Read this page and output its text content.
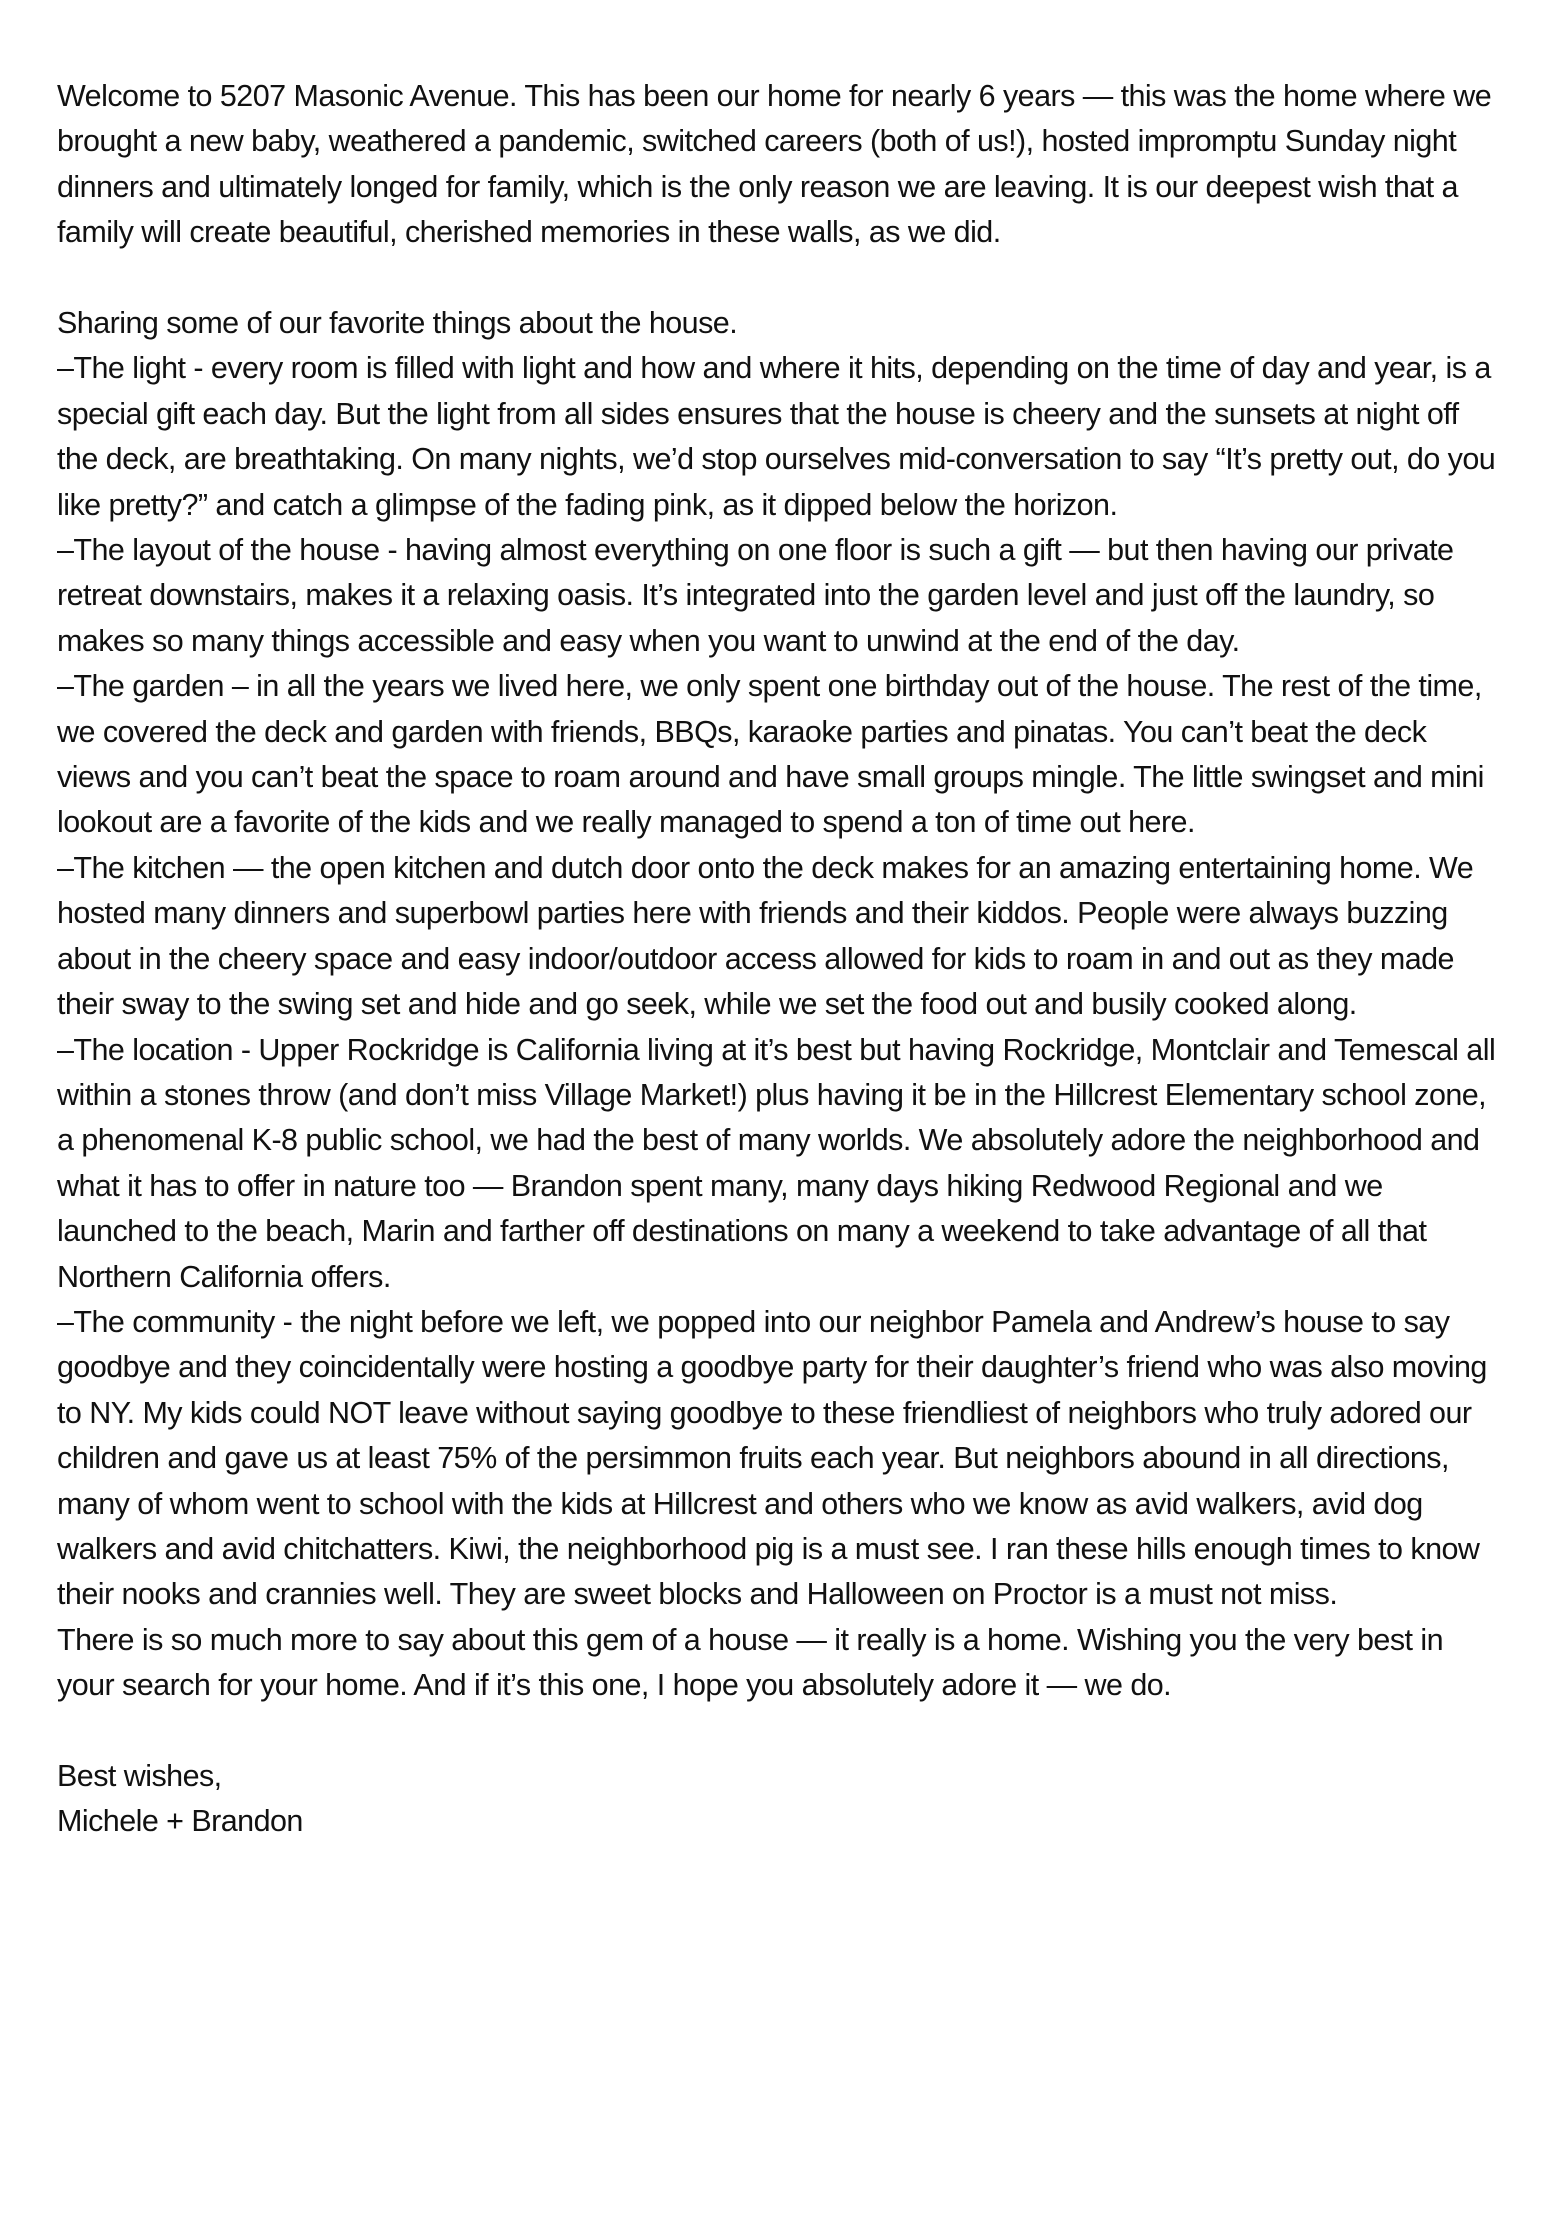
Welcome to 5207 Masonic Avenue. This has been our home for nearly 6 years — this was the home where we brought a new baby, weathered a pandemic, switched careers (both of us!), hosted impromptu Sunday night dinners and ultimately longed for family, which is the only reason we are leaving. It is our deepest wish that a family will create beautiful, cherished memories in these walls, as we did.

Sharing some of our favorite things about the house.

–The light - every room is filled with light and how and where it hits, depending on the time of day and year, is a special gift each day. But the light from all sides ensures that the house is cheery and the sunsets at night off the deck, are breathtaking. On many nights, we’d stop ourselves mid-conversation to say “It’s pretty out, do you like pretty?” and catch a glimpse of the fading pink, as it dipped below the horizon.

–The layout of the house - having almost everything on one floor is such a gift — but then having our private retreat downstairs, makes it a relaxing oasis. It’s integrated into the garden level and just off the laundry, so makes so many things accessible and easy when you want to unwind at the end of the day.

–The garden – in all the years we lived here, we only spent one birthday out of the house. The rest of the time, we covered the deck and garden with friends, BBQs, karaoke parties and pinatas. You can’t beat the deck views and you can’t beat the space to roam around and have small groups mingle. The little swingset and mini lookout are a favorite of the kids and we really managed to spend a ton of time out here.

–The kitchen — the open kitchen and dutch door onto the deck makes for an amazing entertaining home. We hosted many dinners and superbowl parties here with friends and their kiddos. People were always buzzing about in the cheery space and easy indoor/outdoor access allowed for kids to roam in and out as they made their sway to the swing set and hide and go seek, while we set the food out and busily cooked along.

–The location - Upper Rockridge is California living at it’s best but having Rockridge, Montclair and Temescal all within a stones throw (and don’t miss Village Market!) plus having it be in the Hillcrest Elementary school zone, a phenomenal K-8 public school, we had the best of many worlds. We absolutely adore the neighborhood and what it has to offer in nature too — Brandon spent many, many days hiking Redwood Regional and we launched to the beach, Marin and farther off destinations on many a weekend to take advantage of all that Northern California offers.

–The community - the night before we left, we popped into our neighbor Pamela and Andrew’s house to say goodbye and they coincidentally were hosting a goodbye party for their daughter’s friend who was also moving to NY. My kids could NOT leave without saying goodbye to these friendliest of neighbors who truly adored our children and gave us at least 75% of the persimmon fruits each year. But neighbors abound in all directions, many of whom went to school with the kids at Hillcrest and others who we know as avid walkers, avid dog walkers and avid chitchatters. Kiwi, the neighborhood pig is a must see. I ran these hills enough times to know their nooks and crannies well. They are sweet blocks and Halloween on Proctor is a must not miss.

There is so much more to say about this gem of a house — it really is a home. Wishing you the very best in your search for your home. And if it’s this one, I hope you absolutely adore it — we do.

Best wishes,

Michele + Brandon
